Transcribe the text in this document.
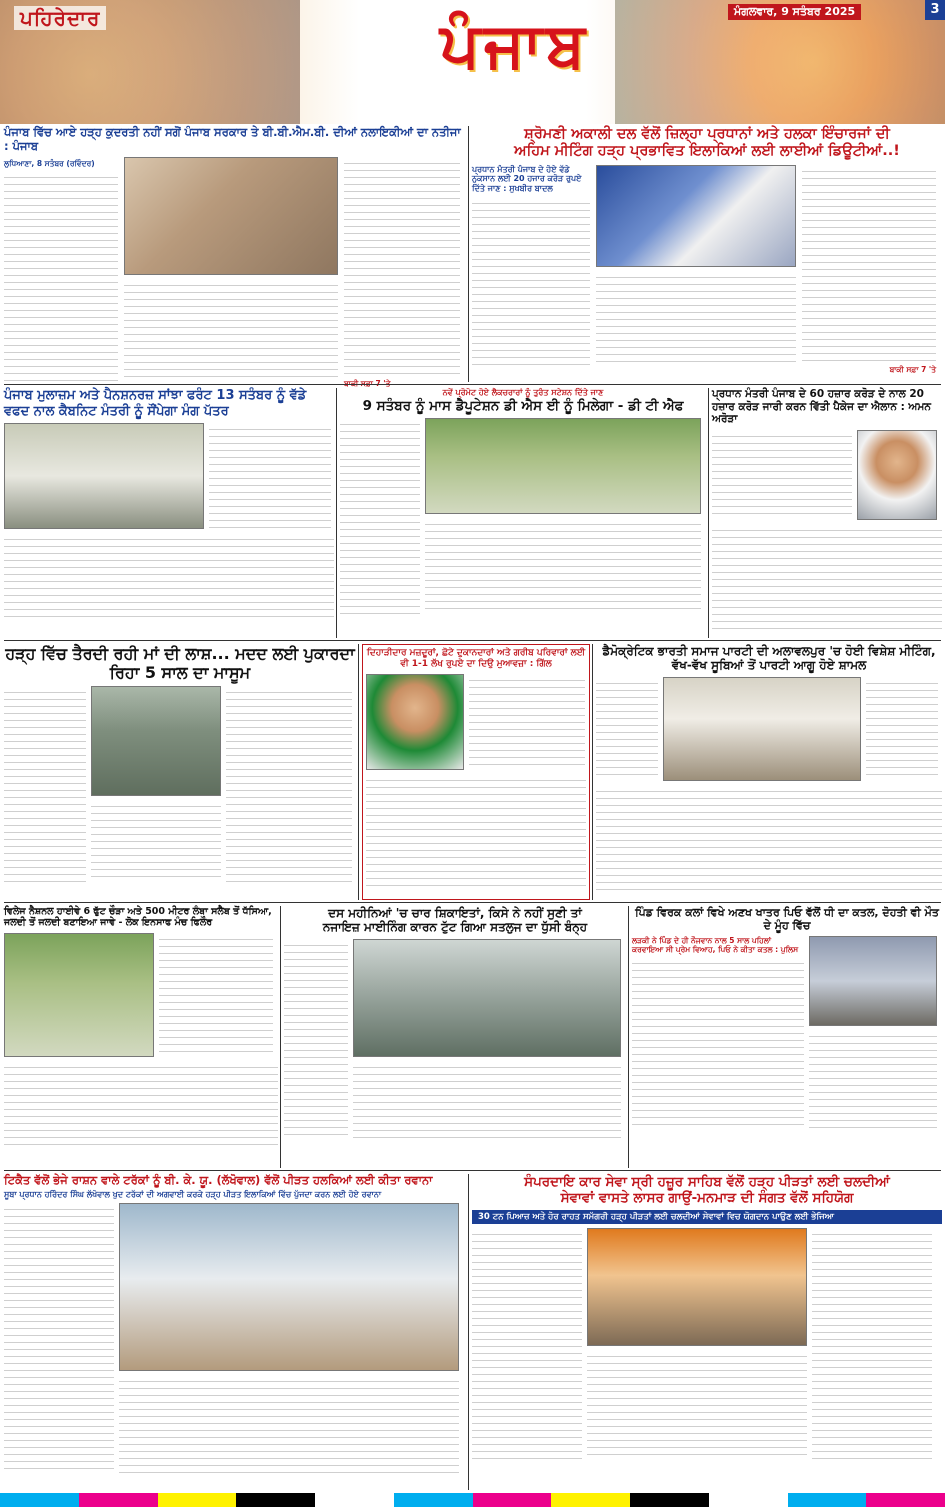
ਪਹਿਰੇਦਾਰ	ਪੰਜਾਬ	ਮੰਗਲਵਾਰ, 9 ਸਤੰਬਰ 2025	3
ਪੰਜਾਬ ਵਿੱਚ ਆਏ ਹੜ੍ਹ ਕੁਦਰਤੀ ਨਹੀਂ ਸਗੋਂ ਪੰਜਾਬ ਸਰਕਾਰ ਤੇ ਬੀ.ਬੀ.ਐਮ.ਬੀ. ਦੀਆਂ ਨਲਾਇਕੀਆਂ ਦਾ ਨਤੀਜਾ : ਪੰਜਾਬ
ਲੁਧਿਆਣਾ, 8 ਸਤੰਬਰ (ਰਵਿੰਦਰ)
ਸ਼੍ਰੋਮਣੀ ਅਕਾਲੀ ਦਲ ਵੱਲੋਂ ਜ਼ਿਲ੍ਹਾ ਪ੍ਰਧਾਨਾਂ ਅਤੇ ਹਲਕਾ ਇੰਚਾਰਜਾਂ ਦੀ
ਅਹਿਮ ਮੀਟਿੰਗ ਹੜ੍ਹ ਪ੍ਰਭਾਵਿਤ ਇਲਾਕਿਆਂ ਲਈ ਲਾਈਆਂ ਡਿਊਟੀਆਂ..!
ਪ੍ਰਧਾਨ ਮੰਤਰੀ ਪੰਜਾਬ ਦੇ ਹੋਏ ਵੱਡੇ ਨੁਕਸਾਨ ਲਈ 20 ਹਜਾਰ ਕਰੋੜ ਰੁਪਏ ਦਿੱਤੇ ਜਾਣ : ਸੁਖਬੀਰ ਬਾਦਲ
ਬਾਕੀ ਸਫ਼ਾ 7 'ਤੇ
ਪੰਜਾਬ ਮੁਲਾਜ਼ਮ ਅਤੇ ਪੈਨਸ਼ਨਰਜ਼ ਸਾਂਝਾ ਫਰੰਟ 13 ਸਤੰਬਰ ਨੂੰ ਵੱਡੇ ਵਫਦ ਨਾਲ ਕੈਬਨਿਟ ਮੰਤਰੀ ਨੂੰ ਸੌਂਪੇਗਾ ਮੰਗ ਪੱਤਰ
ਨਵੇਂ ਪ੍ਰੋਮੋਟ ਹੋਏ ਲੈਕਚਰਾਰਾਂ ਨੂੰ ਤੁਰੰਤ ਸਟੇਸ਼ਨ ਦਿੱਤੇ ਜਾਣ
9 ਸਤੰਬਰ ਨੂੰ ਮਾਸ ਡੈਪੂਟੇਸ਼ਨ ਡੀ ਐਸ ਈ ਨੂੰ ਮਿਲੇਗਾ - ਡੀ ਟੀ ਐਫ
ਪ੍ਰਧਾਨ ਮੰਤਰੀ ਪੰਜਾਬ ਦੇ 60 ਹਜ਼ਾਰ ਕਰੋੜ ਦੇ ਨਾਲ 20 ਹਜ਼ਾਰ ਕਰੋੜ ਜਾਰੀ ਕਰਨ ਵਿੱਤੀ ਪੈਕੇਜ ਦਾ ਐਲਾਨ : ਅਮਨ ਅਰੋੜਾ
ਹੜ੍ਹ ਵਿੱਚ ਤੈਰਦੀ ਰਹੀ ਮਾਂ ਦੀ ਲਾਸ਼... ਮਦਦ ਲਈ ਪੁਕਾਰਦਾ ਰਿਹਾ 5 ਸਾਲ ਦਾ ਮਾਸੂਮ
ਦਿਹਾੜੀਦਾਰ ਮਜ਼ਦੂਰਾਂ, ਛੋਟੇ ਦੁਕਾਨਦਾਰਾਂ ਅਤੇ ਗਰੀਬ ਪਰਿਵਾਰਾਂ ਲਈ ਵੀ 1-1 ਲੱਖ ਰੁਪਏ ਦਾ ਦਿਉ ਮੁਆਵਜ਼ਾ : ਗਿੱਲ
ਡੈਮੋਕ੍ਰੇਟਿਕ ਭਾਰਤੀ ਸਮਾਜ ਪਾਰਟੀ ਦੀ ਅਲਾਵਲਪੁਰ 'ਚ ਹੋਈ ਵਿਸ਼ੇਸ਼ ਮੀਟਿੰਗ, ਵੱਖ-ਵੱਖ ਸੂਬਿਆਂ ਤੋਂ ਪਾਰਟੀ ਆਗੂ ਹੋਏ ਸ਼ਾਮਲ
ਵਿਲੇਜ ਨੈਸ਼ਨਲ ਹਾਈਵੇ 6 ਫੁੱਟ ਚੌੜਾ ਅਤੇ 500 ਮੀਟਰ ਲੰਬਾ ਸਲੈਬ ਤੋਂ ਧੱਸਿਆ, ਜਲਦੀ ਤੋਂ ਜਲਦੀ ਬਣਾਇਆ ਜਾਵੇ - ਲੋਕ ਇਨਸਾਫ ਮੰਚ ਫਿਲੌਰ
ਦਸ ਮਹੀਨਿਆਂ 'ਚ ਚਾਰ ਸ਼ਿਕਾਇਤਾਂ, ਕਿਸੇ ਨੇ ਨਹੀਂ ਸੁਣੀ ਤਾਂ
ਨਜਾਇਜ਼ ਮਾਈਨਿੰਗ ਕਾਰਨ ਟੁੱਟ ਗਿਆ ਸਤਲੁਜ ਦਾ ਧੁੱਸੀ ਬੰਨ੍ਹ
ਪਿੰਡ ਵਿਰਕ ਕਲਾਂ ਵਿਖੇ ਅਣਖ ਖਾਤਰ ਪਿਓ ਵੱਲੋਂ ਧੀ ਦਾ ਕਤਲ, ਦੋਹਤੀ ਵੀ ਮੌਤ ਦੇ ਮੂੰਹ ਵਿੱਚ
ਲੜਕੀ ਨੇ ਪਿੰਡ ਦੇ ਹੀ ਨੌਜਵਾਨ ਨਾਲ 5 ਸਾਲ ਪਹਿਲਾਂ ਕਰਵਾਇਆ ਸੀ ਪ੍ਰੇਮ ਵਿਆਹ, ਪਿਓ ਨੇ ਕੀਤਾ ਕਤਲ : ਪੁਲਿਸ
ਟਿਕੈਤ ਵੱਲੋਂ ਭੇਜੇ ਰਾਸ਼ਨ ਵਾਲੇ ਟਰੱਕਾਂ ਨੂੰ ਬੀ. ਕੇ. ਯੂ. (ਲੱਖੋਵਾਲ) ਵੱਲੋਂ ਪੀੜਤ ਹਲਕਿਆਂ ਲਈ ਕੀਤਾ ਰਵਾਨਾ
ਸੂਬਾ ਪ੍ਰਧਾਨ ਹਰਿੰਦਰ ਸਿੰਘ ਲੱਖੋਵਾਲ ਖੁਦ ਟਰੱਕਾਂ ਦੀ ਅਗਵਾਈ ਕਰਕੇ ਹੜ੍ਹ ਪੀੜਤ ਇਲਾਕਿਆਂ ਵਿੱਚ ਪੁੱਜਦਾ ਕਰਨ ਲਈ ਹੋਏ ਰਵਾਨਾ
ਸੰਪਰਦਾਇ ਕਾਰ ਸੇਵਾ ਸ੍ਰੀ ਹਜ਼ੂਰ ਸਾਹਿਬ ਵੱਲੋਂ ਹੜ੍ਹ ਪੀੜਤਾਂ ਲਈ ਚਲਦੀਆਂ
ਸੇਵਾਵਾਂ ਵਾਸਤੇ ਲਾਸਰ ਗਾਉਂ-ਮਨਮਾੜ ਦੀ ਸੰਗਤ ਵੱਲੋਂ ਸਹਿਯੋਗ
30 ਟਨ ਪਿਆਜ਼ ਅਤੇ ਹੋਰ ਰਾਹਤ ਸਮੱਗਰੀ ਹੜ੍ਹ ਪੀੜਤਾਂ ਲਈ ਚਲਦੀਆਂ ਸੇਵਾਵਾਂ ਵਿਚ ਯੋਗਦਾਨ ਪਾਉਣ ਲਈ ਭੇਜਿਆ
